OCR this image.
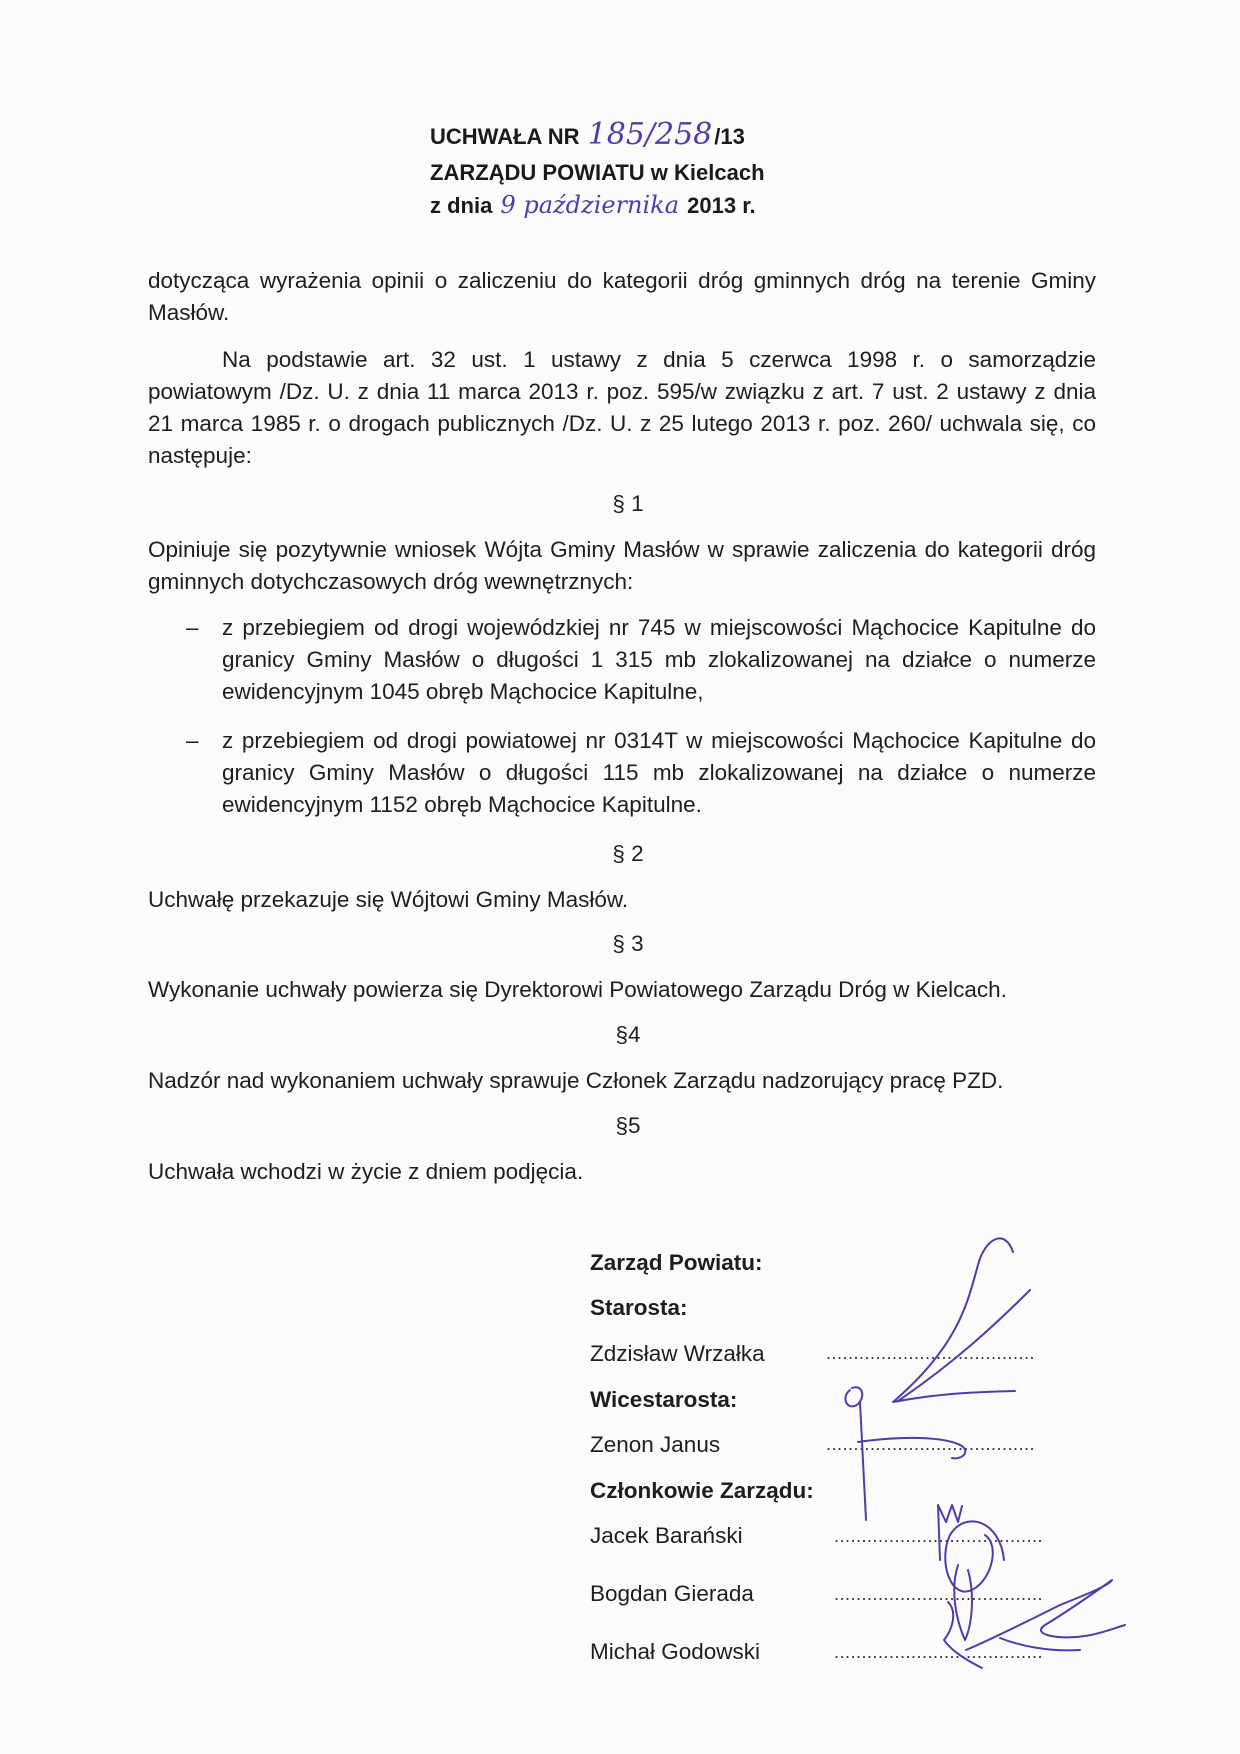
UCHWAŁA NR 185/258/13
ZARZĄDU POWIATU w Kielcach
z dnia 9 października 2013 r.
dotycząca wyrażenia opinii o zaliczeniu do kategorii dróg gminnych dróg na terenie Gminy Masłów.
Na podstawie art. 32 ust. 1 ustawy z dnia 5 czerwca 1998 r. o samorządzie powiatowym /Dz. U. z dnia 11 marca 2013 r. poz. 595/w związku z art. 7 ust. 2 ustawy z dnia 21 marca 1985 r. o drogach publicznych /Dz. U. z 25 lutego 2013 r. poz. 260/ uchwala się, co następuje:
§ 1
Opiniuje się pozytywnie wniosek Wójta Gminy Masłów w sprawie zaliczenia do kategorii dróg gminnych dotychczasowych dróg wewnętrznych:
– z przebiegiem od drogi wojewódzkiej nr 745 w miejscowości Mąchocice Kapitulne do granicy Gminy Masłów o długości 1 315 mb zlokalizowanej na działce o numerze ewidencyjnym 1045 obręb Mąchocice Kapitulne,
– z przebiegiem od drogi powiatowej nr 0314T w miejscowości Mąchocice Kapitulne do granicy Gminy Masłów o długości 115 mb zlokalizowanej na działce o numerze ewidencyjnym 1152 obręb Mąchocice Kapitulne.
§ 2
Uchwałę przekazuje się Wójtowi Gminy Masłów.
§ 3
Wykonanie uchwały powierza się Dyrektorowi Powiatowego Zarządu Dróg w Kielcach.
§4
Nadzór nad wykonaniem uchwały sprawuje Członek Zarządu nadzorujący pracę PZD.
§5
Uchwała wchodzi w życie z dniem podjęcia.
Zarząd Powiatu:
Starosta:
Zdzisław Wrzałka	......................................
Wicestarosta:
Zenon Janus	......................................
Członkowie Zarządu:
Jacek Barański	......................................
Bogdan Gierada	......................................
Michał Godowski	......................................
